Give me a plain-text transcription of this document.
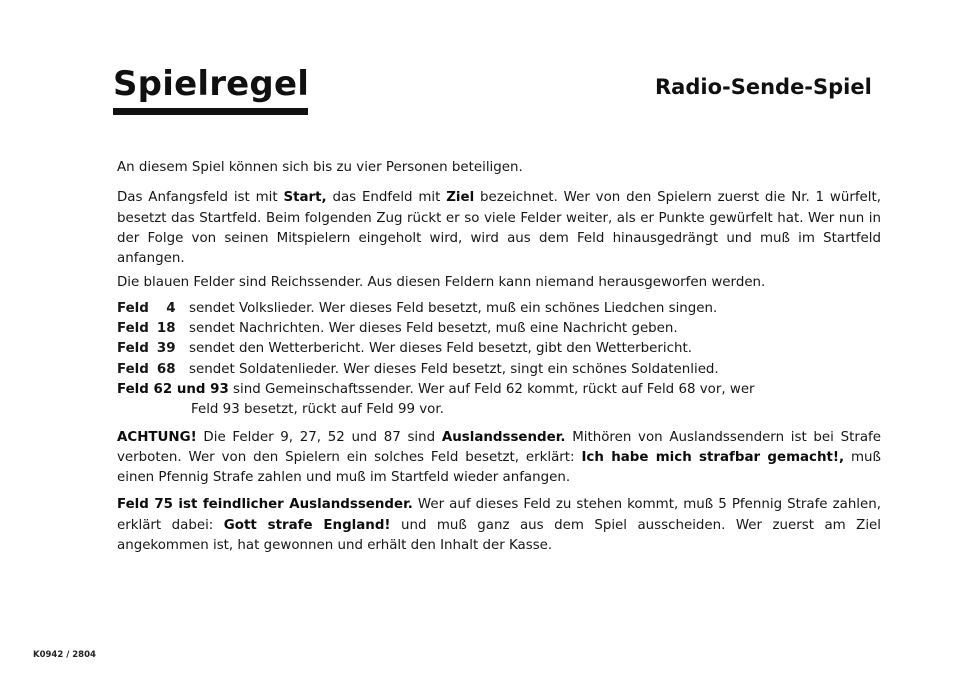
Spielregel	Radio-Sende-Spiel

An diesem Spiel können sich bis zu vier Personen beteiligen.

Das Anfangsfeld ist mit Start, das Endfeld mit Ziel bezeichnet. Wer von den Spielern zuerst die Nr. 1 würfelt, besetzt das Startfeld. Beim folgenden Zug rückt er so viele Felder weiter, als er Punkte gewürfelt hat. Wer nun in der Folge von seinen Mitspielern eingeholt wird, wird aus dem Feld hinausgedrängt und muß im Startfeld anfangen.

Die blauen Felder sind Reichssender. Aus diesen Feldern kann niemand herausgeworfen werden.

Feld 4	sendet Volkslieder. Wer dieses Feld besetzt, muß ein schönes Liedchen singen.
Feld 18	sendet Nachrichten. Wer dieses Feld besetzt, muß eine Nachricht geben.
Feld 39	sendet den Wetterbericht. Wer dieses Feld besetzt, gibt den Wetterbericht.
Feld 68	sendet Soldatenlieder. Wer dieses Feld besetzt, singt ein schönes Soldatenlied.
Feld 62 und 93 sind Gemeinschaftssender. Wer auf Feld 62 kommt, rückt auf Feld 68 vor, wer
Feld 93 besetzt, rückt auf Feld 99 vor.

ACHTUNG! Die Felder 9, 27, 52 und 87 sind Auslandssender. Mithören von Auslandssendern ist bei Strafe verboten. Wer von den Spielern ein solches Feld besetzt, erklärt: Ich habe mich strafbar gemacht!, muß einen Pfennig Strafe zahlen und muß im Startfeld wieder anfangen.

Feld 75 ist feindlicher Auslandssender. Wer auf dieses Feld zu stehen kommt, muß 5 Pfennig Strafe zahlen, erklärt dabei: Gott strafe England! und muß ganz aus dem Spiel ausscheiden. Wer zuerst am Ziel angekommen ist, hat gewonnen und erhält den Inhalt der Kasse.

K0942 / 2804
